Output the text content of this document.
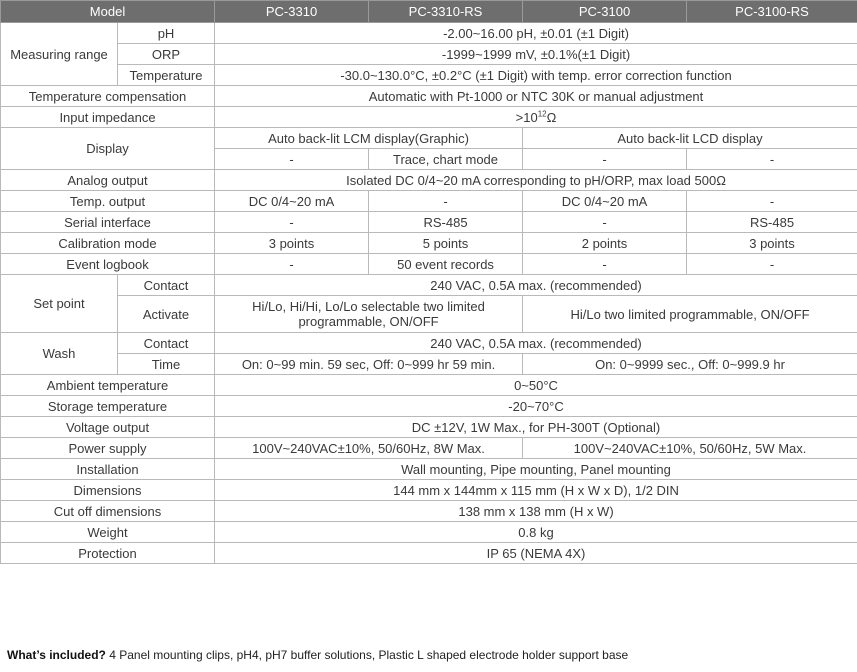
Model		PC-3310	PC-3310-RS	PC-3100	PC-3100-RS
Measuring range	pH	-2.00~16.00 pH, ±0.01 (±1 Digit)			
	ORP	-1999~1999 mV, ±0.1%(±1 Digit)			
	Temperature	-30.0~130.0°C, ±0.2°C (±1 Digit) with temp. error correction function			
Temperature compensation		Automatic with Pt-1000 or NTC 30K or manual adjustment			
Input impedance		$>10^{12}\Omega$			
Display		Auto back-lit LCM display(Graphic)		Auto back-lit LCD display	
		-	Trace, chart mode	-	-
Analog output		Isolated DC 0/4~20 mA corresponding to pH/ORP, max load 500Ω			
Temp. output		DC 0/4~20 mA	-	DC 0/4~20 mA	-
Serial interface		-	RS-485	-	RS-485
Calibration mode		3 points	5 points	2 points	3 points
Event logbook		-	50 event records	-	-
Set point	Contact	240 VAC, 0.5A max. (recommended)			
	Activate	Hi/Lo, Hi/Hi, Lo/Lo selectable two limited programmable, ON/OFF		Hi/Lo two limited programmable, ON/OFF	
Wash	Contact	240 VAC, 0.5A max. (recommended)			
	Time	On: 0~99 min. 59 sec, Off: 0~999 hr 59 min.		On: 0~9999 sec., Off: 0~999.9 hr	
Ambient temperature		0~50°C			
Storage temperature		-20~70°C			
Voltage output		DC ±12V, 1W Max., for PH-300T (Optional)			
Power supply		100V~240VAC±10%, 50/60Hz, 8W Max.		100V~240VAC±10%, 50/60Hz, 5W Max.	
Installation		Wall mounting, Pipe mounting, Panel mounting			
Dimensions		144 mm x 144mm x 115 mm (H x W x D), 1/2 DIN			
Cut off dimensions		138 mm x 138 mm (H x W)			
Weight		0.8 kg			
Protection		IP 65 (NEMA 4X)			
What’s included? 4 Panel mounting clips, pH4, pH7 buffer solutions, Plastic L shaped electrode holder support base
